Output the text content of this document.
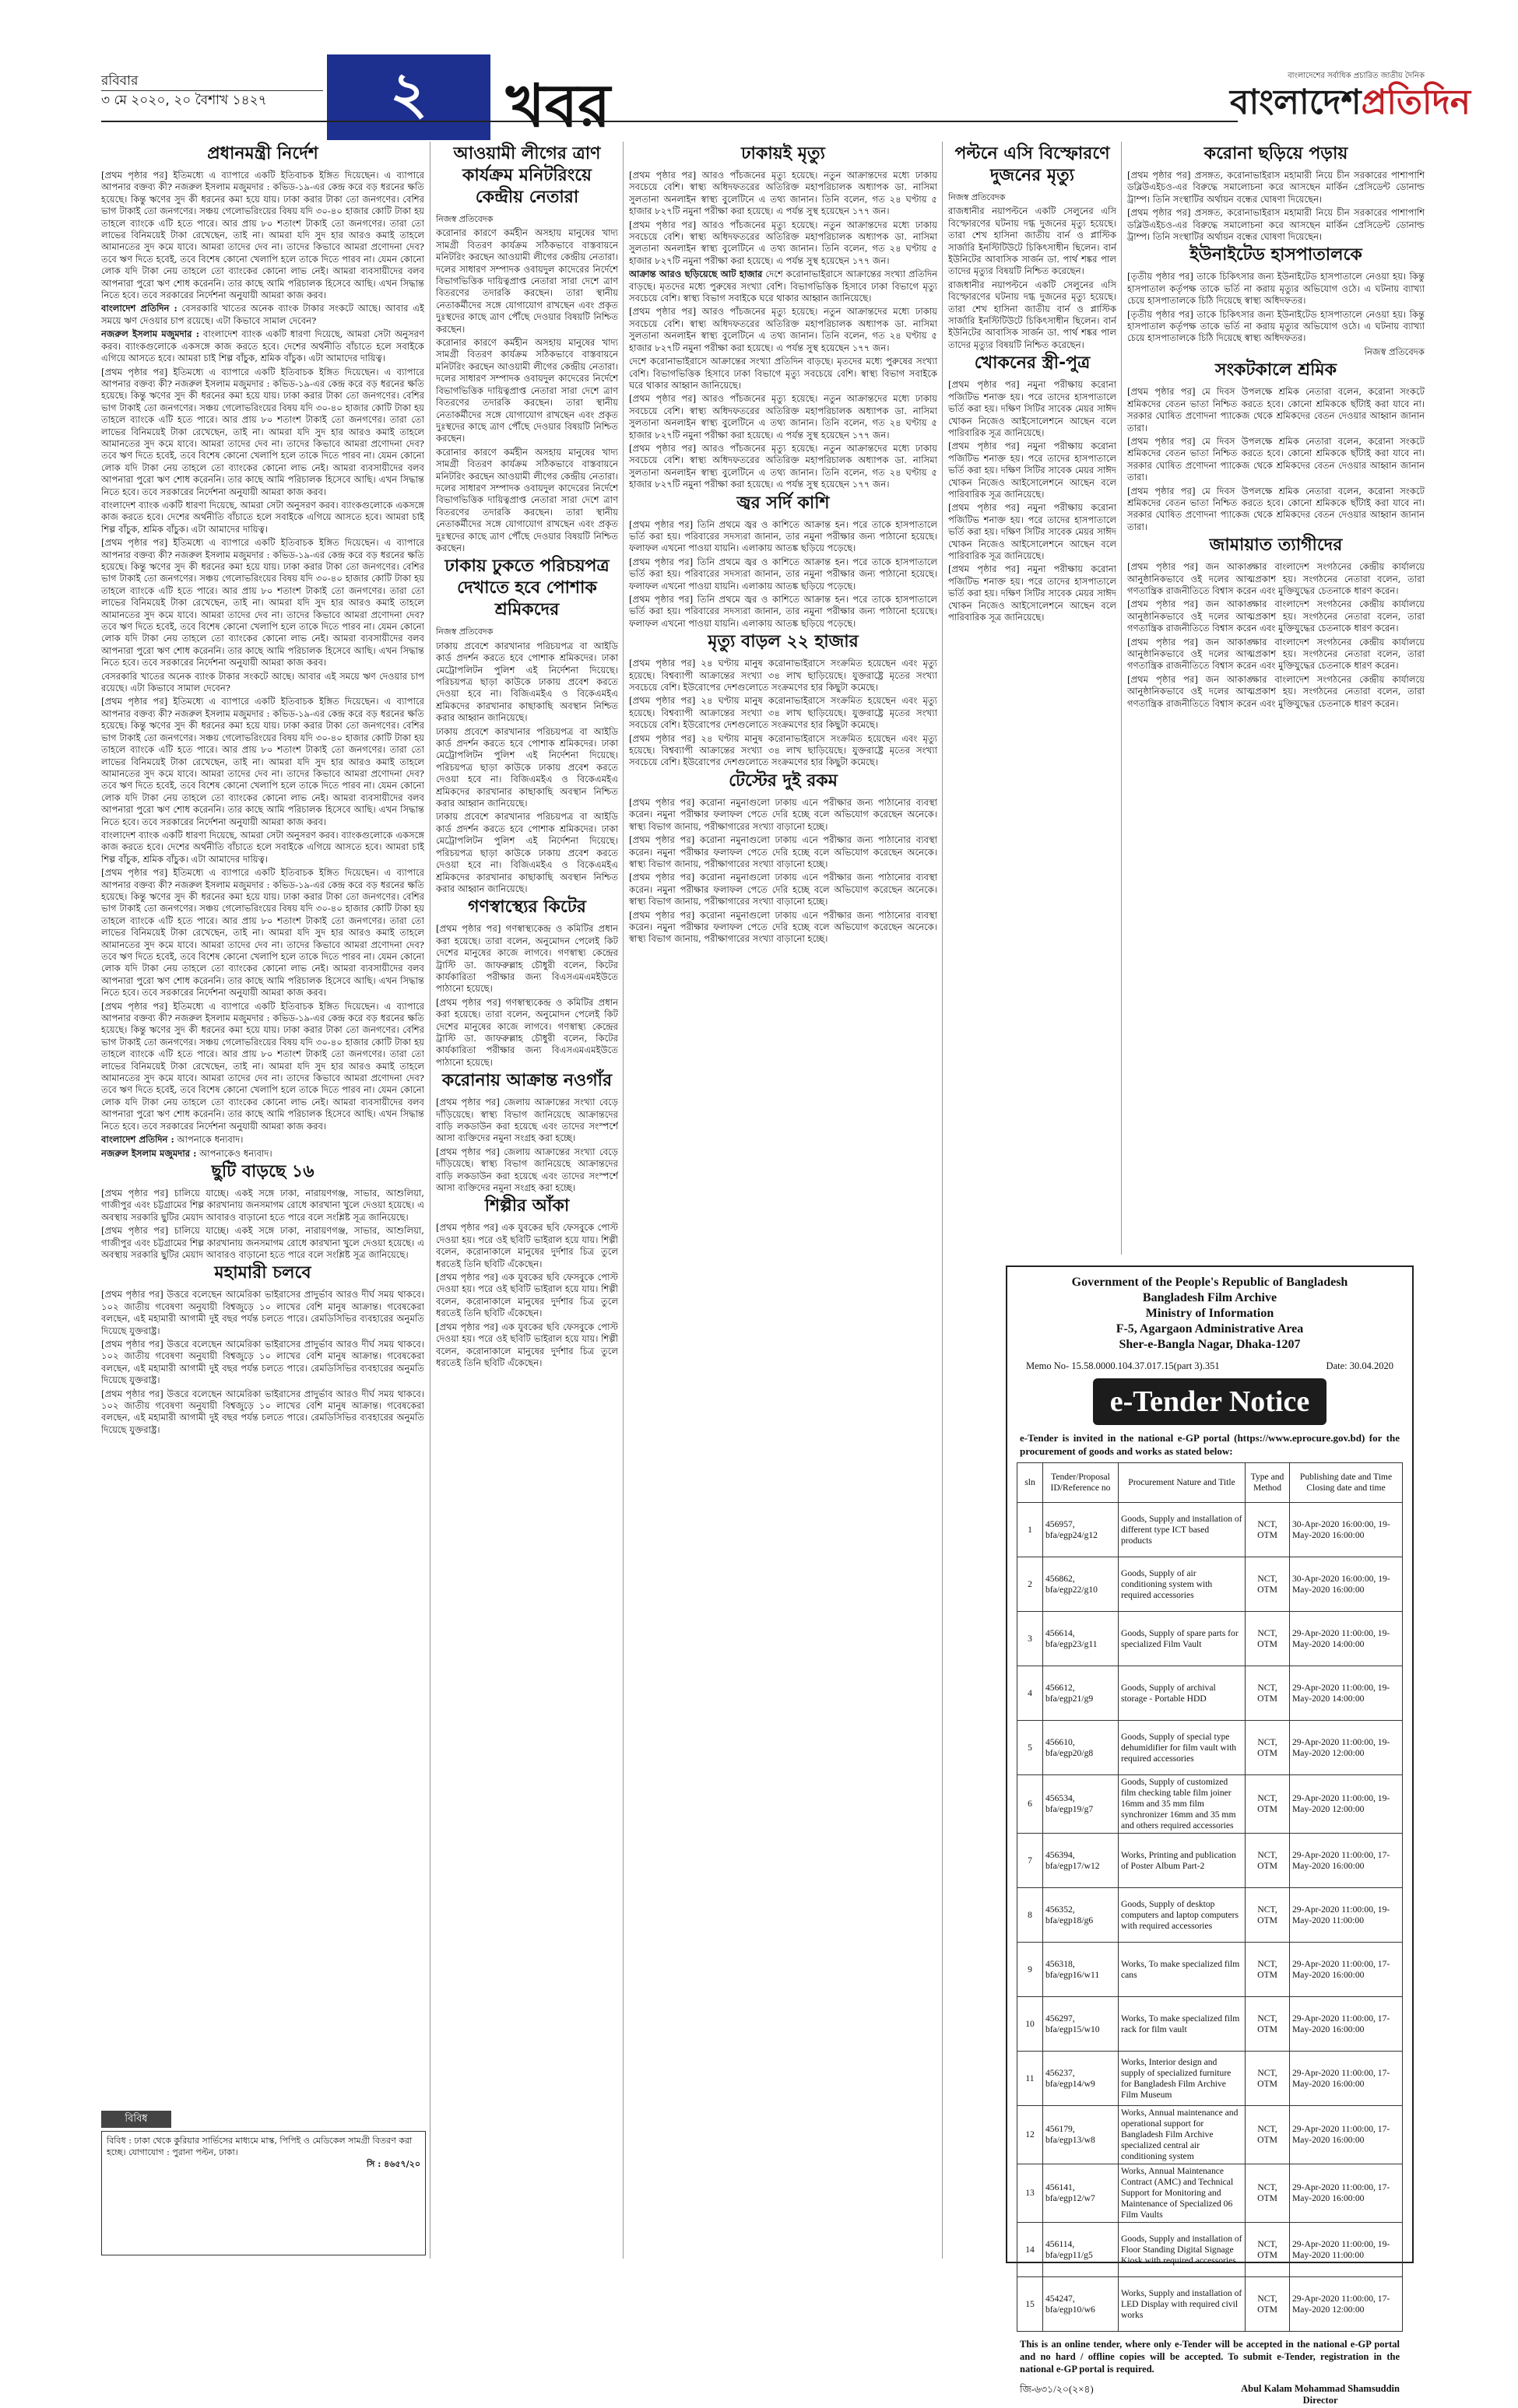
রবিবার
৩ মে ২০২০, ২০ বৈশাখ ১৪২৭	২	খবর	বাংলাদেশের সর্বাধিক প্রচারিত জাতীয় দৈনিক
বাংলাদেশপ্রতিদিন
প্রধানমন্ত্রী নির্দেশ

[প্রথম পৃষ্ঠার পর] ইতিমধ্যে এ ব্যাপারে একটি ইতিবাচক ইঙ্গিত দিয়েছেন। এ ব্যাপারে আপনার বক্তব্য কী? নজরুল ইসলাম মজুমদার : কভিড-১৯-এর কেন্দ্র করে বড় ধরনের ক্ষতি হয়েছে। কিন্তু ঋণের সুদ কী ধরনের কমা হয়ে যায়। ঢাকা করার টাকা তো জনগণের। বেশির ভাগ টাকাই তো জনগণের। সঞ্চয় গেলোভরিংয়ের বিষয় যদি ৩০-৪০ হাজার কোটি টাকা হয় তাহলে ব্যাংকে এটি হতে পারে। আর প্রায় ৮০ শতাংশ টাকাই তো জনগণের। তারা তো লাভের বিনিময়েই টাকা রেখেছেন, তাই না। আমরা যদি সুদ হার আরও কমাই তাহলে আমানতের সুদ কমে যাবে। আমরা তাদের দেব না। তাদের কিভাবে আমরা প্রণোদনা দেব? তবে ঋণ দিতে হবেই, তবে বিশেষ কোনো খেলাপি হলে তাকে দিতে পারব না। যেমন কোনো লোক যদি টাকা নেয় তাহলে তো ব্যাংকের কোনো লাভ নেই। আমরা ব্যবসায়ীদের বলব আপনারা পুরো ঋণ শোধ করেননি। তার কাছে আমি পরিচালক হিসেবে আছি। এখন সিদ্ধান্ত নিতে হবে। তবে সরকারের নির্দেশনা অনুযায়ী আমরা কাজ করব।

বাংলাদেশ প্রতিদিন : বেসরকারি খাতের অনেক ব্যাংক টাকার সংকটে আছে। আবার এই সময়ে ঋণ দেওয়ার চাপ রয়েছে। এটা কিভাবে সামাল দেবেন?

নজরুল ইসলাম মজুমদার : বাংলাদেশ ব্যাংক একটি ধারণা দিয়েছে, আমরা সেটা অনুসরণ করব। ব্যাংকগুলোকে একসঙ্গে কাজ করতে হবে। দেশের অর্থনীতি বাঁচাতে হলে সবাইকে এগিয়ে আসতে হবে। আমরা চাই শিল্প বাঁচুক, শ্রমিক বাঁচুক। এটা আমাদের দায়িত্ব।

[প্রথম পৃষ্ঠার পর] ইতিমধ্যে এ ব্যাপারে একটি ইতিবাচক ইঙ্গিত দিয়েছেন। এ ব্যাপারে আপনার বক্তব্য কী? নজরুল ইসলাম মজুমদার : কভিড-১৯-এর কেন্দ্র করে বড় ধরনের ক্ষতি হয়েছে। কিন্তু ঋণের সুদ কী ধরনের কমা হয়ে যায়। ঢাকা করার টাকা তো জনগণের। বেশির ভাগ টাকাই তো জনগণের। সঞ্চয় গেলোভরিংয়ের বিষয় যদি ৩০-৪০ হাজার কোটি টাকা হয় তাহলে ব্যাংকে এটি হতে পারে। আর প্রায় ৮০ শতাংশ টাকাই তো জনগণের। তারা তো লাভের বিনিময়েই টাকা রেখেছেন, তাই না। আমরা যদি সুদ হার আরও কমাই তাহলে আমানতের সুদ কমে যাবে। আমরা তাদের দেব না। তাদের কিভাবে আমরা প্রণোদনা দেব? তবে ঋণ দিতে হবেই, তবে বিশেষ কোনো খেলাপি হলে তাকে দিতে পারব না। যেমন কোনো লোক যদি টাকা নেয় তাহলে তো ব্যাংকের কোনো লাভ নেই। আমরা ব্যবসায়ীদের বলব আপনারা পুরো ঋণ শোধ করেননি। তার কাছে আমি পরিচালক হিসেবে আছি। এখন সিদ্ধান্ত নিতে হবে। তবে সরকারের নির্দেশনা অনুযায়ী আমরা কাজ করব।

বাংলাদেশ ব্যাংক একটি ধারণা দিয়েছে, আমরা সেটা অনুসরণ করব। ব্যাংকগুলোকে একসঙ্গে কাজ করতে হবে। দেশের অর্থনীতি বাঁচাতে হলে সবাইকে এগিয়ে আসতে হবে। আমরা চাই শিল্প বাঁচুক, শ্রমিক বাঁচুক। এটা আমাদের দায়িত্ব।

[প্রথম পৃষ্ঠার পর] ইতিমধ্যে এ ব্যাপারে একটি ইতিবাচক ইঙ্গিত দিয়েছেন। এ ব্যাপারে আপনার বক্তব্য কী? নজরুল ইসলাম মজুমদার : কভিড-১৯-এর কেন্দ্র করে বড় ধরনের ক্ষতি হয়েছে। কিন্তু ঋণের সুদ কী ধরনের কমা হয়ে যায়। ঢাকা করার টাকা তো জনগণের। বেশির ভাগ টাকাই তো জনগণের। সঞ্চয় গেলোভরিংয়ের বিষয় যদি ৩০-৪০ হাজার কোটি টাকা হয় তাহলে ব্যাংকে এটি হতে পারে। আর প্রায় ৮০ শতাংশ টাকাই তো জনগণের। তারা তো লাভের বিনিময়েই টাকা রেখেছেন, তাই না। আমরা যদি সুদ হার আরও কমাই তাহলে আমানতের সুদ কমে যাবে। আমরা তাদের দেব না। তাদের কিভাবে আমরা প্রণোদনা দেব? তবে ঋণ দিতে হবেই, তবে বিশেষ কোনো খেলাপি হলে তাকে দিতে পারব না। যেমন কোনো লোক যদি টাকা নেয় তাহলে তো ব্যাংকের কোনো লাভ নেই। আমরা ব্যবসায়ীদের বলব আপনারা পুরো ঋণ শোধ করেননি। তার কাছে আমি পরিচালক হিসেবে আছি। এখন সিদ্ধান্ত নিতে হবে। তবে সরকারের নির্দেশনা অনুযায়ী আমরা কাজ করব।

বেসরকারি খাতের অনেক ব্যাংক টাকার সংকটে আছে। আবার এই সময়ে ঋণ দেওয়ার চাপ রয়েছে। এটা কিভাবে সামাল দেবেন?

[প্রথম পৃষ্ঠার পর] ইতিমধ্যে এ ব্যাপারে একটি ইতিবাচক ইঙ্গিত দিয়েছেন। এ ব্যাপারে আপনার বক্তব্য কী? নজরুল ইসলাম মজুমদার : কভিড-১৯-এর কেন্দ্র করে বড় ধরনের ক্ষতি হয়েছে। কিন্তু ঋণের সুদ কী ধরনের কমা হয়ে যায়। ঢাকা করার টাকা তো জনগণের। বেশির ভাগ টাকাই তো জনগণের। সঞ্চয় গেলোভরিংয়ের বিষয় যদি ৩০-৪০ হাজার কোটি টাকা হয় তাহলে ব্যাংকে এটি হতে পারে। আর প্রায় ৮০ শতাংশ টাকাই তো জনগণের। তারা তো লাভের বিনিময়েই টাকা রেখেছেন, তাই না। আমরা যদি সুদ হার আরও কমাই তাহলে আমানতের সুদ কমে যাবে। আমরা তাদের দেব না। তাদের কিভাবে আমরা প্রণোদনা দেব? তবে ঋণ দিতে হবেই, তবে বিশেষ কোনো খেলাপি হলে তাকে দিতে পারব না। যেমন কোনো লোক যদি টাকা নেয় তাহলে তো ব্যাংকের কোনো লাভ নেই। আমরা ব্যবসায়ীদের বলব আপনারা পুরো ঋণ শোধ করেননি। তার কাছে আমি পরিচালক হিসেবে আছি। এখন সিদ্ধান্ত নিতে হবে। তবে সরকারের নির্দেশনা অনুযায়ী আমরা কাজ করব।

বাংলাদেশ ব্যাংক একটি ধারণা দিয়েছে, আমরা সেটা অনুসরণ করব। ব্যাংকগুলোকে একসঙ্গে কাজ করতে হবে। দেশের অর্থনীতি বাঁচাতে হলে সবাইকে এগিয়ে আসতে হবে। আমরা চাই শিল্প বাঁচুক, শ্রমিক বাঁচুক। এটা আমাদের দায়িত্ব।

[প্রথম পৃষ্ঠার পর] ইতিমধ্যে এ ব্যাপারে একটি ইতিবাচক ইঙ্গিত দিয়েছেন। এ ব্যাপারে আপনার বক্তব্য কী? নজরুল ইসলাম মজুমদার : কভিড-১৯-এর কেন্দ্র করে বড় ধরনের ক্ষতি হয়েছে। কিন্তু ঋণের সুদ কী ধরনের কমা হয়ে যায়। ঢাকা করার টাকা তো জনগণের। বেশির ভাগ টাকাই তো জনগণের। সঞ্চয় গেলোভরিংয়ের বিষয় যদি ৩০-৪০ হাজার কোটি টাকা হয় তাহলে ব্যাংকে এটি হতে পারে। আর প্রায় ৮০ শতাংশ টাকাই তো জনগণের। তারা তো লাভের বিনিময়েই টাকা রেখেছেন, তাই না। আমরা যদি সুদ হার আরও কমাই তাহলে আমানতের সুদ কমে যাবে। আমরা তাদের দেব না। তাদের কিভাবে আমরা প্রণোদনা দেব? তবে ঋণ দিতে হবেই, তবে বিশেষ কোনো খেলাপি হলে তাকে দিতে পারব না। যেমন কোনো লোক যদি টাকা নেয় তাহলে তো ব্যাংকের কোনো লাভ নেই। আমরা ব্যবসায়ীদের বলব আপনারা পুরো ঋণ শোধ করেননি। তার কাছে আমি পরিচালক হিসেবে আছি। এখন সিদ্ধান্ত নিতে হবে। তবে সরকারের নির্দেশনা অনুযায়ী আমরা কাজ করব।

[প্রথম পৃষ্ঠার পর] ইতিমধ্যে এ ব্যাপারে একটি ইতিবাচক ইঙ্গিত দিয়েছেন। এ ব্যাপারে আপনার বক্তব্য কী? নজরুল ইসলাম মজুমদার : কভিড-১৯-এর কেন্দ্র করে বড় ধরনের ক্ষতি হয়েছে। কিন্তু ঋণের সুদ কী ধরনের কমা হয়ে যায়। ঢাকা করার টাকা তো জনগণের। বেশির ভাগ টাকাই তো জনগণের। সঞ্চয় গেলোভরিংয়ের বিষয় যদি ৩০-৪০ হাজার কোটি টাকা হয় তাহলে ব্যাংকে এটি হতে পারে। আর প্রায় ৮০ শতাংশ টাকাই তো জনগণের। তারা তো লাভের বিনিময়েই টাকা রেখেছেন, তাই না। আমরা যদি সুদ হার আরও কমাই তাহলে আমানতের সুদ কমে যাবে। আমরা তাদের দেব না। তাদের কিভাবে আমরা প্রণোদনা দেব? তবে ঋণ দিতে হবেই, তবে বিশেষ কোনো খেলাপি হলে তাকে দিতে পারব না। যেমন কোনো লোক যদি টাকা নেয় তাহলে তো ব্যাংকের কোনো লাভ নেই। আমরা ব্যবসায়ীদের বলব আপনারা পুরো ঋণ শোধ করেননি। তার কাছে আমি পরিচালক হিসেবে আছি। এখন সিদ্ধান্ত নিতে হবে। তবে সরকারের নির্দেশনা অনুযায়ী আমরা কাজ করব।

বাংলাদেশ প্রতিদিন : আপনাকে ধন্যবাদ।

নজরুল ইসলাম মজুমদার : আপনাকেও ধন্যবাদ।

ছুটি বাড়ছে ১৬

[প্রথম পৃষ্ঠার পর] চালিয়ে যাচ্ছে। একই সঙ্গে ঢাকা, নারায়ণগঞ্জ, সাভার, আশুলিয়া, গাজীপুর এবং চট্টগ্রামের শিল্প কারখানায় জনসমাগম রোধে কারখানা খুলে দেওয়া হয়েছে। এ অবস্থায় সরকারি ছুটির মেয়াদ আবারও বাড়ানো হতে পারে বলে সংশ্লিষ্ট সূত্র জানিয়েছে।

[প্রথম পৃষ্ঠার পর] চালিয়ে যাচ্ছে। একই সঙ্গে ঢাকা, নারায়ণগঞ্জ, সাভার, আশুলিয়া, গাজীপুর এবং চট্টগ্রামের শিল্প কারখানায় জনসমাগম রোধে কারখানা খুলে দেওয়া হয়েছে। এ অবস্থায় সরকারি ছুটির মেয়াদ আবারও বাড়ানো হতে পারে বলে সংশ্লিষ্ট সূত্র জানিয়েছে।

মহামারী চলবে

[প্রথম পৃষ্ঠার পর] উত্তরে বলেছেন আমেরিকা ভাইরাসের প্রাদুর্ভাব আরও দীর্ঘ সময় থাকবে। ১০২ জাতীয় গবেষণা অনুযায়ী বিশ্বজুড়ে ১০ লাখের বেশি মানুষ আক্রান্ত। গবেষকেরা বলছেন, এই মহামারী আগামী দুই বছর পর্যন্ত চলতে পারে। রেমডিসিভির ব্যবহারের অনুমতি দিয়েছে যুক্তরাষ্ট্র।

[প্রথম পৃষ্ঠার পর] উত্তরে বলেছেন আমেরিকা ভাইরাসের প্রাদুর্ভাব আরও দীর্ঘ সময় থাকবে। ১০২ জাতীয় গবেষণা অনুযায়ী বিশ্বজুড়ে ১০ লাখের বেশি মানুষ আক্রান্ত। গবেষকেরা বলছেন, এই মহামারী আগামী দুই বছর পর্যন্ত চলতে পারে। রেমডিসিভির ব্যবহারের অনুমতি দিয়েছে যুক্তরাষ্ট্র।

[প্রথম পৃষ্ঠার পর] উত্তরে বলেছেন আমেরিকা ভাইরাসের প্রাদুর্ভাব আরও দীর্ঘ সময় থাকবে। ১০২ জাতীয় গবেষণা অনুযায়ী বিশ্বজুড়ে ১০ লাখের বেশি মানুষ আক্রান্ত। গবেষকেরা বলছেন, এই মহামারী আগামী দুই বছর পর্যন্ত চলতে পারে। রেমডিসিভির ব্যবহারের অনুমতি দিয়েছে যুক্তরাষ্ট্র।

বিবিধ
বিবিধ : ঢাকা থেকে কুরিয়ার সার্ভিসের মাধ্যমে মাস্ক, পিপিই ও মেডিকেল সামগ্রী বিতরণ করা হচ্ছে। যোগাযোগ : পুরানা পল্টন, ঢাকা।
সি : ৪৬৫৭/২০
আওয়ামী লীগের ত্রাণ কার্যক্রম মনিটরিংয়ে কেন্দ্রীয় নেতারা
নিজস্ব প্রতিবেদক

করোনার কারণে কর্মহীন অসহায় মানুষের খাদ্য সামগ্রী বিতরণ কার্যক্রম সঠিকভাবে বাস্তবায়নে মনিটরিং করছেন আওয়ামী লীগের কেন্দ্রীয় নেতারা। দলের সাধারণ সম্পাদক ওবায়দুল কাদেরের নির্দেশে বিভাগভিত্তিক দায়িত্বপ্রাপ্ত নেতারা সারা দেশে ত্রাণ বিতরণের তদারকি করছেন। তারা স্থানীয় নেতাকর্মীদের সঙ্গে যোগাযোগ রাখছেন এবং প্রকৃত দুঃস্থদের কাছে ত্রাণ পৌঁছে দেওয়ার বিষয়টি নিশ্চিত করছেন।

করোনার কারণে কর্মহীন অসহায় মানুষের খাদ্য সামগ্রী বিতরণ কার্যক্রম সঠিকভাবে বাস্তবায়নে মনিটরিং করছেন আওয়ামী লীগের কেন্দ্রীয় নেতারা। দলের সাধারণ সম্পাদক ওবায়দুল কাদেরের নির্দেশে বিভাগভিত্তিক দায়িত্বপ্রাপ্ত নেতারা সারা দেশে ত্রাণ বিতরণের তদারকি করছেন। তারা স্থানীয় নেতাকর্মীদের সঙ্গে যোগাযোগ রাখছেন এবং প্রকৃত দুঃস্থদের কাছে ত্রাণ পৌঁছে দেওয়ার বিষয়টি নিশ্চিত করছেন।

করোনার কারণে কর্মহীন অসহায় মানুষের খাদ্য সামগ্রী বিতরণ কার্যক্রম সঠিকভাবে বাস্তবায়নে মনিটরিং করছেন আওয়ামী লীগের কেন্দ্রীয় নেতারা। দলের সাধারণ সম্পাদক ওবায়দুল কাদেরের নির্দেশে বিভাগভিত্তিক দায়িত্বপ্রাপ্ত নেতারা সারা দেশে ত্রাণ বিতরণের তদারকি করছেন। তারা স্থানীয় নেতাকর্মীদের সঙ্গে যোগাযোগ রাখছেন এবং প্রকৃত দুঃস্থদের কাছে ত্রাণ পৌঁছে দেওয়ার বিষয়টি নিশ্চিত করছেন।

ঢাকায় ঢুকতে পরিচয়পত্র দেখাতে হবে পোশাক শ্রমিকদের
নিজস্ব প্রতিবেদক

ঢাকায় প্রবেশে কারখানার পরিচয়পত্র বা আইডি কার্ড প্রদর্শন করতে হবে পোশাক শ্রমিকদের। ঢাকা মেট্রোপলিটন পুলিশ এই নির্দেশনা দিয়েছে। পরিচয়পত্র ছাড়া কাউকে ঢাকায় প্রবেশ করতে দেওয়া হবে না। বিজিএমইএ ও বিকেএমইএ শ্রমিকদের কারখানার কাছাকাছি অবস্থান নিশ্চিত করার আহ্বান জানিয়েছে।

ঢাকায় প্রবেশে কারখানার পরিচয়পত্র বা আইডি কার্ড প্রদর্শন করতে হবে পোশাক শ্রমিকদের। ঢাকা মেট্রোপলিটন পুলিশ এই নির্দেশনা দিয়েছে। পরিচয়পত্র ছাড়া কাউকে ঢাকায় প্রবেশ করতে দেওয়া হবে না। বিজিএমইএ ও বিকেএমইএ শ্রমিকদের কারখানার কাছাকাছি অবস্থান নিশ্চিত করার আহ্বান জানিয়েছে।

ঢাকায় প্রবেশে কারখানার পরিচয়পত্র বা আইডি কার্ড প্রদর্শন করতে হবে পোশাক শ্রমিকদের। ঢাকা মেট্রোপলিটন পুলিশ এই নির্দেশনা দিয়েছে। পরিচয়পত্র ছাড়া কাউকে ঢাকায় প্রবেশ করতে দেওয়া হবে না। বিজিএমইএ ও বিকেএমইএ শ্রমিকদের কারখানার কাছাকাছি অবস্থান নিশ্চিত করার আহ্বান জানিয়েছে।

গণস্বাস্থ্যের কিটের

[প্রথম পৃষ্ঠার পর] গণস্বাস্থ্যকেন্দ্র ও কমিটির প্রধান করা হয়েছে। তারা বলেন, অনুমোদন পেলেই কিট দেশের মানুষের কাজে লাগবে। গণস্বাস্থ্য কেন্দ্রের ট্রাস্টি ডা. জাফরুল্লাহ চৌধুরী বলেন, কিটের কার্যকারিতা পরীক্ষার জন্য বিএসএমএমইউতে পাঠানো হয়েছে।

[প্রথম পৃষ্ঠার পর] গণস্বাস্থ্যকেন্দ্র ও কমিটির প্রধান করা হয়েছে। তারা বলেন, অনুমোদন পেলেই কিট দেশের মানুষের কাজে লাগবে। গণস্বাস্থ্য কেন্দ্রের ট্রাস্টি ডা. জাফরুল্লাহ চৌধুরী বলেন, কিটের কার্যকারিতা পরীক্ষার জন্য বিএসএমএমইউতে পাঠানো হয়েছে।

করোনায় আক্রান্ত নওগাঁর

[প্রথম পৃষ্ঠার পর] জেলায় আক্রান্তের সংখ্যা বেড়ে দাঁড়িয়েছে। স্বাস্থ্য বিভাগ জানিয়েছে আক্রান্তদের বাড়ি লকডাউন করা হয়েছে এবং তাদের সংস্পর্শে আসা ব্যক্তিদের নমুনা সংগ্রহ করা হচ্ছে।

[প্রথম পৃষ্ঠার পর] জেলায় আক্রান্তের সংখ্যা বেড়ে দাঁড়িয়েছে। স্বাস্থ্য বিভাগ জানিয়েছে আক্রান্তদের বাড়ি লকডাউন করা হয়েছে এবং তাদের সংস্পর্শে আসা ব্যক্তিদের নমুনা সংগ্রহ করা হচ্ছে।

শিল্পীর আঁকা

[প্রথম পৃষ্ঠার পর] এক যুবকের ছবি ফেসবুকে পোস্ট দেওয়া হয়। পরে ওই ছবিটি ভাইরাল হয়ে যায়। শিল্পী বলেন, করোনাকালে মানুষের দুর্দশার চিত্র তুলে ধরতেই তিনি ছবিটি এঁকেছেন।

[প্রথম পৃষ্ঠার পর] এক যুবকের ছবি ফেসবুকে পোস্ট দেওয়া হয়। পরে ওই ছবিটি ভাইরাল হয়ে যায়। শিল্পী বলেন, করোনাকালে মানুষের দুর্দশার চিত্র তুলে ধরতেই তিনি ছবিটি এঁকেছেন।

[প্রথম পৃষ্ঠার পর] এক যুবকের ছবি ফেসবুকে পোস্ট দেওয়া হয়। পরে ওই ছবিটি ভাইরাল হয়ে যায়। শিল্পী বলেন, করোনাকালে মানুষের দুর্দশার চিত্র তুলে ধরতেই তিনি ছবিটি এঁকেছেন।

ঢাকায়ই মৃত্যু

[প্রথম পৃষ্ঠার পর] আরও পাঁচজনের মৃত্যু হয়েছে। নতুন আক্রান্তদের মধ্যে ঢাকায় সবচেয়ে বেশি। স্বাস্থ্য অধিদফতরের অতিরিক্ত মহাপরিচালক অধ্যাপক ডা. নাসিমা সুলতানা অনলাইন স্বাস্থ্য বুলেটিনে এ তথ্য জানান। তিনি বলেন, গত ২৪ ঘণ্টায় ৫ হাজার ৮২৭টি নমুনা পরীক্ষা করা হয়েছে। এ পর্যন্ত সুস্থ হয়েছেন ১৭৭ জন।

[প্রথম পৃষ্ঠার পর] আরও পাঁচজনের মৃত্যু হয়েছে। নতুন আক্রান্তদের মধ্যে ঢাকায় সবচেয়ে বেশি। স্বাস্থ্য অধিদফতরের অতিরিক্ত মহাপরিচালক অধ্যাপক ডা. নাসিমা সুলতানা অনলাইন স্বাস্থ্য বুলেটিনে এ তথ্য জানান। তিনি বলেন, গত ২৪ ঘণ্টায় ৫ হাজার ৮২৭টি নমুনা পরীক্ষা করা হয়েছে। এ পর্যন্ত সুস্থ হয়েছেন ১৭৭ জন।

আক্রান্ত আরও ছড়িয়েছে আট হাজার দেশে করোনাভাইরাসে আক্রান্তের সংখ্যা প্রতিদিন বাড়ছে। মৃতদের মধ্যে পুরুষের সংখ্যা বেশি। বিভাগভিত্তিক হিসাবে ঢাকা বিভাগে মৃত্যু সবচেয়ে বেশি। স্বাস্থ্য বিভাগ সবাইকে ঘরে থাকার আহ্বান জানিয়েছে।

[প্রথম পৃষ্ঠার পর] আরও পাঁচজনের মৃত্যু হয়েছে। নতুন আক্রান্তদের মধ্যে ঢাকায় সবচেয়ে বেশি। স্বাস্থ্য অধিদফতরের অতিরিক্ত মহাপরিচালক অধ্যাপক ডা. নাসিমা সুলতানা অনলাইন স্বাস্থ্য বুলেটিনে এ তথ্য জানান। তিনি বলেন, গত ২৪ ঘণ্টায় ৫ হাজার ৮২৭টি নমুনা পরীক্ষা করা হয়েছে। এ পর্যন্ত সুস্থ হয়েছেন ১৭৭ জন।

দেশে করোনাভাইরাসে আক্রান্তের সংখ্যা প্রতিদিন বাড়ছে। মৃতদের মধ্যে পুরুষের সংখ্যা বেশি। বিভাগভিত্তিক হিসাবে ঢাকা বিভাগে মৃত্যু সবচেয়ে বেশি। স্বাস্থ্য বিভাগ সবাইকে ঘরে থাকার আহ্বান জানিয়েছে।

[প্রথম পৃষ্ঠার পর] আরও পাঁচজনের মৃত্যু হয়েছে। নতুন আক্রান্তদের মধ্যে ঢাকায় সবচেয়ে বেশি। স্বাস্থ্য অধিদফতরের অতিরিক্ত মহাপরিচালক অধ্যাপক ডা. নাসিমা সুলতানা অনলাইন স্বাস্থ্য বুলেটিনে এ তথ্য জানান। তিনি বলেন, গত ২৪ ঘণ্টায় ৫ হাজার ৮২৭টি নমুনা পরীক্ষা করা হয়েছে। এ পর্যন্ত সুস্থ হয়েছেন ১৭৭ জন।

[প্রথম পৃষ্ঠার পর] আরও পাঁচজনের মৃত্যু হয়েছে। নতুন আক্রান্তদের মধ্যে ঢাকায় সবচেয়ে বেশি। স্বাস্থ্য অধিদফতরের অতিরিক্ত মহাপরিচালক অধ্যাপক ডা. নাসিমা সুলতানা অনলাইন স্বাস্থ্য বুলেটিনে এ তথ্য জানান। তিনি বলেন, গত ২৪ ঘণ্টায় ৫ হাজার ৮২৭টি নমুনা পরীক্ষা করা হয়েছে। এ পর্যন্ত সুস্থ হয়েছেন ১৭৭ জন।

জ্বর সর্দি কাশি

[প্রথম পৃষ্ঠার পর] তিনি প্রথমে জ্বর ও কাশিতে আক্রান্ত হন। পরে তাকে হাসপাতালে ভর্তি করা হয়। পরিবারের সদস্যরা জানান, তার নমুনা পরীক্ষার জন্য পাঠানো হয়েছে। ফলাফল এখনো পাওয়া যায়নি। এলাকায় আতঙ্ক ছড়িয়ে পড়েছে।

[প্রথম পৃষ্ঠার পর] তিনি প্রথমে জ্বর ও কাশিতে আক্রান্ত হন। পরে তাকে হাসপাতালে ভর্তি করা হয়। পরিবারের সদস্যরা জানান, তার নমুনা পরীক্ষার জন্য পাঠানো হয়েছে। ফলাফল এখনো পাওয়া যায়নি। এলাকায় আতঙ্ক ছড়িয়ে পড়েছে।

[প্রথম পৃষ্ঠার পর] তিনি প্রথমে জ্বর ও কাশিতে আক্রান্ত হন। পরে তাকে হাসপাতালে ভর্তি করা হয়। পরিবারের সদস্যরা জানান, তার নমুনা পরীক্ষার জন্য পাঠানো হয়েছে। ফলাফল এখনো পাওয়া যায়নি। এলাকায় আতঙ্ক ছড়িয়ে পড়েছে।

মৃত্যু বাড়ল ২২ হাজার

[প্রথম পৃষ্ঠার পর] ২৪ ঘণ্টায় মানুষ করোনাভাইরাসে সংক্রমিত হয়েছেন এবং মৃত্যু হয়েছে। বিশ্বব্যাপী আক্রান্তের সংখ্যা ৩৪ লাখ ছাড়িয়েছে। যুক্তরাষ্ট্রে মৃতের সংখ্যা সবচেয়ে বেশি। ইউরোপের দেশগুলোতে সংক্রমণের হার কিছুটা কমেছে।

[প্রথম পৃষ্ঠার পর] ২৪ ঘণ্টায় মানুষ করোনাভাইরাসে সংক্রমিত হয়েছেন এবং মৃত্যু হয়েছে। বিশ্বব্যাপী আক্রান্তের সংখ্যা ৩৪ লাখ ছাড়িয়েছে। যুক্তরাষ্ট্রে মৃতের সংখ্যা সবচেয়ে বেশি। ইউরোপের দেশগুলোতে সংক্রমণের হার কিছুটা কমেছে।

[প্রথম পৃষ্ঠার পর] ২৪ ঘণ্টায় মানুষ করোনাভাইরাসে সংক্রমিত হয়েছেন এবং মৃত্যু হয়েছে। বিশ্বব্যাপী আক্রান্তের সংখ্যা ৩৪ লাখ ছাড়িয়েছে। যুক্তরাষ্ট্রে মৃতের সংখ্যা সবচেয়ে বেশি। ইউরোপের দেশগুলোতে সংক্রমণের হার কিছুটা কমেছে।

টেস্টের দুই রকম

[প্রথম পৃষ্ঠার পর] করোনা নমুনাগুলো ঢাকায় এনে পরীক্ষার জন্য পাঠানোর ব্যবস্থা করেন। নমুনা পরীক্ষার ফলাফল পেতে দেরি হচ্ছে বলে অভিযোগ করেছেন অনেকে। স্বাস্থ্য বিভাগ জানায়, পরীক্ষাগারের সংখ্যা বাড়ানো হচ্ছে।

[প্রথম পৃষ্ঠার পর] করোনা নমুনাগুলো ঢাকায় এনে পরীক্ষার জন্য পাঠানোর ব্যবস্থা করেন। নমুনা পরীক্ষার ফলাফল পেতে দেরি হচ্ছে বলে অভিযোগ করেছেন অনেকে। স্বাস্থ্য বিভাগ জানায়, পরীক্ষাগারের সংখ্যা বাড়ানো হচ্ছে।

[প্রথম পৃষ্ঠার পর] করোনা নমুনাগুলো ঢাকায় এনে পরীক্ষার জন্য পাঠানোর ব্যবস্থা করেন। নমুনা পরীক্ষার ফলাফল পেতে দেরি হচ্ছে বলে অভিযোগ করেছেন অনেকে। স্বাস্থ্য বিভাগ জানায়, পরীক্ষাগারের সংখ্যা বাড়ানো হচ্ছে।

[প্রথম পৃষ্ঠার পর] করোনা নমুনাগুলো ঢাকায় এনে পরীক্ষার জন্য পাঠানোর ব্যবস্থা করেন। নমুনা পরীক্ষার ফলাফল পেতে দেরি হচ্ছে বলে অভিযোগ করেছেন অনেকে। স্বাস্থ্য বিভাগ জানায়, পরীক্ষাগারের সংখ্যা বাড়ানো হচ্ছে।

পল্টনে এসি বিস্ফোরণে দুজনের মৃত্যু
নিজস্ব প্রতিবেদক

রাজধানীর নয়াপল্টনে একটি সেলুনের এসি বিস্ফোরণের ঘটনায় দগ্ধ দুজনের মৃত্যু হয়েছে। তারা শেখ হাসিনা জাতীয় বার্ন ও প্লাস্টিক সার্জারি ইনস্টিটিউটে চিকিৎসাধীন ছিলেন। বার্ন ইউনিটের আবাসিক সার্জন ডা. পার্থ শঙ্কর পাল তাদের মৃত্যুর বিষয়টি নিশ্চিত করেছেন।

রাজধানীর নয়াপল্টনে একটি সেলুনের এসি বিস্ফোরণের ঘটনায় দগ্ধ দুজনের মৃত্যু হয়েছে। তারা শেখ হাসিনা জাতীয় বার্ন ও প্লাস্টিক সার্জারি ইনস্টিটিউটে চিকিৎসাধীন ছিলেন। বার্ন ইউনিটের আবাসিক সার্জন ডা. পার্থ শঙ্কর পাল তাদের মৃত্যুর বিষয়টি নিশ্চিত করেছেন।

খোকনের স্ত্রী-পুত্র

[প্রথম পৃষ্ঠার পর] নমুনা পরীক্ষায় করোনা পজিটিভ শনাক্ত হয়। পরে তাদের হাসপাতালে ভর্তি করা হয়। দক্ষিণ সিটির সাবেক মেয়র সাঈদ খোকন নিজেও আইসোলেশনে আছেন বলে পারিবারিক সূত্র জানিয়েছে।

[প্রথম পৃষ্ঠার পর] নমুনা পরীক্ষায় করোনা পজিটিভ শনাক্ত হয়। পরে তাদের হাসপাতালে ভর্তি করা হয়। দক্ষিণ সিটির সাবেক মেয়র সাঈদ খোকন নিজেও আইসোলেশনে আছেন বলে পারিবারিক সূত্র জানিয়েছে।

[প্রথম পৃষ্ঠার পর] নমুনা পরীক্ষায় করোনা পজিটিভ শনাক্ত হয়। পরে তাদের হাসপাতালে ভর্তি করা হয়। দক্ষিণ সিটির সাবেক মেয়র সাঈদ খোকন নিজেও আইসোলেশনে আছেন বলে পারিবারিক সূত্র জানিয়েছে।

[প্রথম পৃষ্ঠার পর] নমুনা পরীক্ষায় করোনা পজিটিভ শনাক্ত হয়। পরে তাদের হাসপাতালে ভর্তি করা হয়। দক্ষিণ সিটির সাবেক মেয়র সাঈদ খোকন নিজেও আইসোলেশনে আছেন বলে পারিবারিক সূত্র জানিয়েছে।

করোনা ছড়িয়ে পড়ায়

[প্রথম পৃষ্ঠার পর] প্রসঙ্গত, করোনাভাইরাস মহামারী নিয়ে চীন সরকারের পাশাপাশি ডব্লিউএইচও-এর বিরুদ্ধে সমালোচনা করে আসছেন মার্কিন প্রেসিডেন্ট ডোনাল্ড ট্রাম্প। তিনি সংস্থাটির অর্থায়ন বন্ধের ঘোষণা দিয়েছেন।

[প্রথম পৃষ্ঠার পর] প্রসঙ্গত, করোনাভাইরাস মহামারী নিয়ে চীন সরকারের পাশাপাশি ডব্লিউএইচও-এর বিরুদ্ধে সমালোচনা করে আসছেন মার্কিন প্রেসিডেন্ট ডোনাল্ড ট্রাম্প। তিনি সংস্থাটির অর্থায়ন বন্ধের ঘোষণা দিয়েছেন।

ইউনাইটেড হাসপাতালকে

[তৃতীয় পৃষ্ঠার পর] তাকে চিকিৎসার জন্য ইউনাইটেড হাসপাতালে নেওয়া হয়। কিন্তু হাসপাতাল কর্তৃপক্ষ তাকে ভর্তি না করায় মৃত্যুর অভিযোগ ওঠে। এ ঘটনায় ব্যাখ্যা চেয়ে হাসপাতালকে চিঠি দিয়েছে স্বাস্থ্য অধিদফতর।

[তৃতীয় পৃষ্ঠার পর] তাকে চিকিৎসার জন্য ইউনাইটেড হাসপাতালে নেওয়া হয়। কিন্তু হাসপাতাল কর্তৃপক্ষ তাকে ভর্তি না করায় মৃত্যুর অভিযোগ ওঠে। এ ঘটনায় ব্যাখ্যা চেয়ে হাসপাতালকে চিঠি দিয়েছে স্বাস্থ্য অধিদফতর।

নিজস্ব প্রতিবেদক

সংকটকালে শ্রমিক

[প্রথম পৃষ্ঠার পর] মে দিবস উপলক্ষে শ্রমিক নেতারা বলেন, করোনা সংকটে শ্রমিকদের বেতন ভাতা নিশ্চিত করতে হবে। কোনো শ্রমিককে ছাঁটাই করা যাবে না। সরকার ঘোষিত প্রণোদনা প্যাকেজ থেকে শ্রমিকদের বেতন দেওয়ার আহ্বান জানান তারা।

[প্রথম পৃষ্ঠার পর] মে দিবস উপলক্ষে শ্রমিক নেতারা বলেন, করোনা সংকটে শ্রমিকদের বেতন ভাতা নিশ্চিত করতে হবে। কোনো শ্রমিককে ছাঁটাই করা যাবে না। সরকার ঘোষিত প্রণোদনা প্যাকেজ থেকে শ্রমিকদের বেতন দেওয়ার আহ্বান জানান তারা।

[প্রথম পৃষ্ঠার পর] মে দিবস উপলক্ষে শ্রমিক নেতারা বলেন, করোনা সংকটে শ্রমিকদের বেতন ভাতা নিশ্চিত করতে হবে। কোনো শ্রমিককে ছাঁটাই করা যাবে না। সরকার ঘোষিত প্রণোদনা প্যাকেজ থেকে শ্রমিকদের বেতন দেওয়ার আহ্বান জানান তারা।

জামায়াত ত্যাগীদের

[প্রথম পৃষ্ঠার পর] জন আকাঙ্ক্ষার বাংলাদেশ সংগঠনের কেন্দ্রীয় কার্যালয়ে আনুষ্ঠানিকভাবে ওই দলের আত্মপ্রকাশ হয়। সংগঠনের নেতারা বলেন, তারা গণতান্ত্রিক রাজনীতিতে বিশ্বাস করেন এবং মুক্তিযুদ্ধের চেতনাকে ধারণ করেন।

[প্রথম পৃষ্ঠার পর] জন আকাঙ্ক্ষার বাংলাদেশ সংগঠনের কেন্দ্রীয় কার্যালয়ে আনুষ্ঠানিকভাবে ওই দলের আত্মপ্রকাশ হয়। সংগঠনের নেতারা বলেন, তারা গণতান্ত্রিক রাজনীতিতে বিশ্বাস করেন এবং মুক্তিযুদ্ধের চেতনাকে ধারণ করেন।

[প্রথম পৃষ্ঠার পর] জন আকাঙ্ক্ষার বাংলাদেশ সংগঠনের কেন্দ্রীয় কার্যালয়ে আনুষ্ঠানিকভাবে ওই দলের আত্মপ্রকাশ হয়। সংগঠনের নেতারা বলেন, তারা গণতান্ত্রিক রাজনীতিতে বিশ্বাস করেন এবং মুক্তিযুদ্ধের চেতনাকে ধারণ করেন।

[প্রথম পৃষ্ঠার পর] জন আকাঙ্ক্ষার বাংলাদেশ সংগঠনের কেন্দ্রীয় কার্যালয়ে আনুষ্ঠানিকভাবে ওই দলের আত্মপ্রকাশ হয়। সংগঠনের নেতারা বলেন, তারা গণতান্ত্রিক রাজনীতিতে বিশ্বাস করেন এবং মুক্তিযুদ্ধের চেতনাকে ধারণ করেন।

Government of the People's Republic of Bangladesh
Bangladesh Film Archive
Ministry of Information
F-5, Agargaon Administrative Area
Sher-e-Bangla Nagar, Dhaka-1207
Memo No- 15.58.0000.104.37.017.15(part 3).351	Date: 30.04.2020
e-Tender Notice
e-Tender is invited in the national e-GP portal (https://www.eprocure.gov.bd) for the procurement of goods and works as stated below:
sln	Tender/Proposal ID/Reference no	Procurement Nature and Title	Type and Method	Publishing date and Time Closing date and time
1	456957, bfa/egp24/g12	Goods, Supply and installation of different type ICT based products	NCT, OTM	30-Apr-2020 16:00:00, 19-May-2020 16:00:00
2	456862, bfa/egp22/g10	Goods, Supply of air conditioning system with required accessories	NCT, OTM	30-Apr-2020 16:00:00, 19-May-2020 16:00:00
3	456614, bfa/egp23/g11	Goods, Supply of spare parts for specialized Film Vault	NCT, OTM	29-Apr-2020 11:00:00, 19-May-2020 14:00:00
4	456612, bfa/egp21/g9	Goods, Supply of archival storage - Portable HDD	NCT, OTM	29-Apr-2020 11:00:00, 19-May-2020 14:00:00
5	456610, bfa/egp20/g8	Goods, Supply of special type dehumidifier for film vault with required accessories	NCT, OTM	29-Apr-2020 11:00:00, 19-May-2020 12:00:00
6	456534, bfa/egp19/g7	Goods, Supply of customized film checking table film joiner 16mm and 35 mm film synchronizer 16mm and 35 mm and others required accessories	NCT, OTM	29-Apr-2020 11:00:00, 19-May-2020 12:00:00
7	456394, bfa/egp17/w12	Works, Printing and publication of Poster Album Part-2	NCT, OTM	29-Apr-2020 11:00:00, 17-May-2020 16:00:00
8	456352, bfa/egp18/g6	Goods, Supply of desktop computers and laptop computers with required accessories	NCT, OTM	29-Apr-2020 11:00:00, 19-May-2020 11:00:00
9	456318, bfa/egp16/w11	Works, To make specialized film cans	NCT, OTM	29-Apr-2020 11:00:00, 17-May-2020 16:00:00
10	456297, bfa/egp15/w10	Works, To make specialized film rack for film vault	NCT, OTM	29-Apr-2020 11:00:00, 17-May-2020 16:00:00
11	456237, bfa/egp14/w9	Works, Interior design and supply of specialized furniture for Bangladesh Film Archive Film Museum	NCT, OTM	29-Apr-2020 11:00:00, 17-May-2020 16:00:00
12	456179, bfa/egp13/w8	Works, Annual maintenance and operational support for Bangladesh Film Archive specialized central air conditioning system	NCT, OTM	29-Apr-2020 11:00:00, 17-May-2020 16:00:00
13	456141, bfa/egp12/w7	Works, Annual Maintenance Contract (AMC) and Technical Support for Monitoring and Maintenance of Specialized 06 Film Vaults	NCT, OTM	29-Apr-2020 11:00:00, 17-May-2020 16:00:00
14	456114, bfa/egp11/g5	Goods, Supply and installation of Floor Standing Digital Signage Kiosk with required accessories	NCT, OTM	29-Apr-2020 11:00:00, 19-May-2020 11:00:00
15	454247, bfa/egp10/w6	Works, Supply and installation of LED Display with required civil works	NCT, OTM	29-Apr-2020 11:00:00, 17-May-2020 12:00:00
This is an online tender, where only e-Tender will be accepted in the national e-GP portal and no hard / offline copies will be accepted. To submit e-Tender, registration in the national e-GP portal is required.
জি-৬৩১/২০(২×৪)	Abul Kalam Mohammad Shamsuddin
Director
